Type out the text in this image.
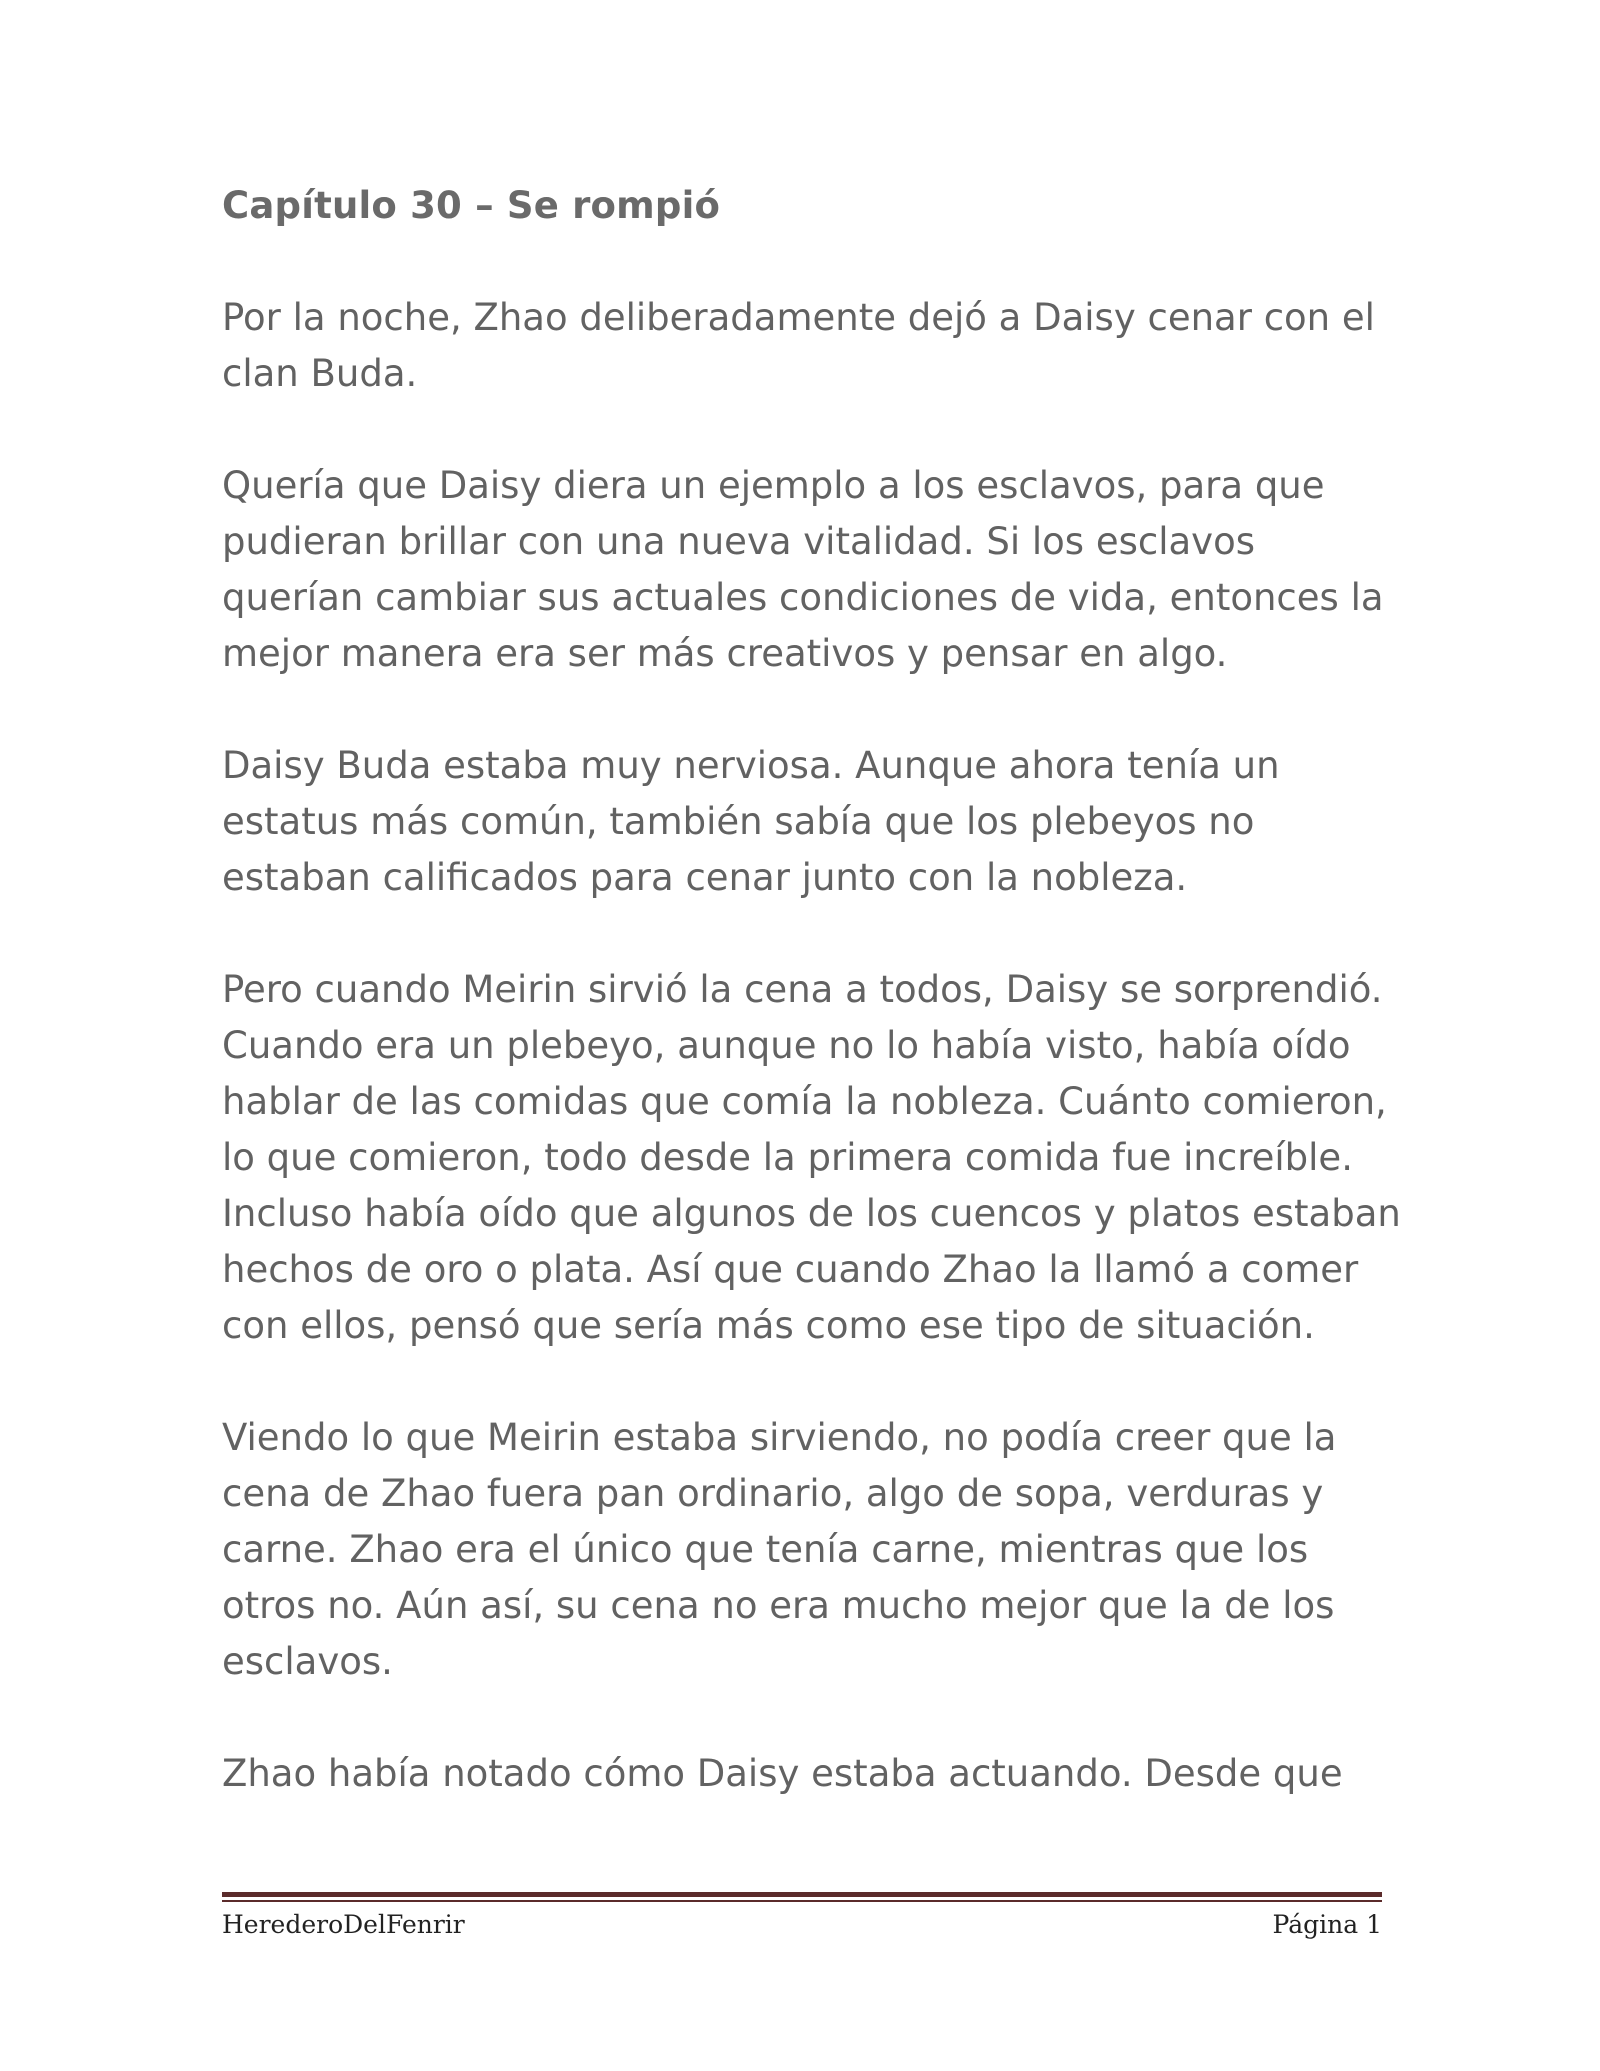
Capítulo 30 – Se rompió

Por la noche, Zhao deliberadamente dejó a Daisy cenar con el clan Buda.

Quería que Daisy diera un ejemplo a los esclavos, para que pudieran brillar con una nueva vitalidad. Si los esclavos querían cambiar sus actuales condiciones de vida, entonces la mejor manera era ser más creativos y pensar en algo.

Daisy Buda estaba muy nerviosa. Aunque ahora tenía un estatus más común, también sabía que los plebeyos no estaban calificados para cenar junto con la nobleza.

Pero cuando Meirin sirvió la cena a todos, Daisy se sorprendió. Cuando era un plebeyo, aunque no lo había visto, había oído hablar de las comidas que comía la nobleza. Cuánto comieron, lo que comieron, todo desde la primera comida fue increíble. Incluso había oído que algunos de los cuencos y platos estaban hechos de oro o plata. Así que cuando Zhao la llamó a comer con ellos, pensó que sería más como ese tipo de situación.

Viendo lo que Meirin estaba sirviendo, no podía creer que la cena de Zhao fuera pan ordinario, algo de sopa, verduras y carne. Zhao era el único que tenía carne, mientras que los otros no. Aún así, su cena no era mucho mejor que la de los esclavos.

Zhao había notado cómo Daisy estaba actuando. Desde que

HerederoDelFenrir	Página 1
